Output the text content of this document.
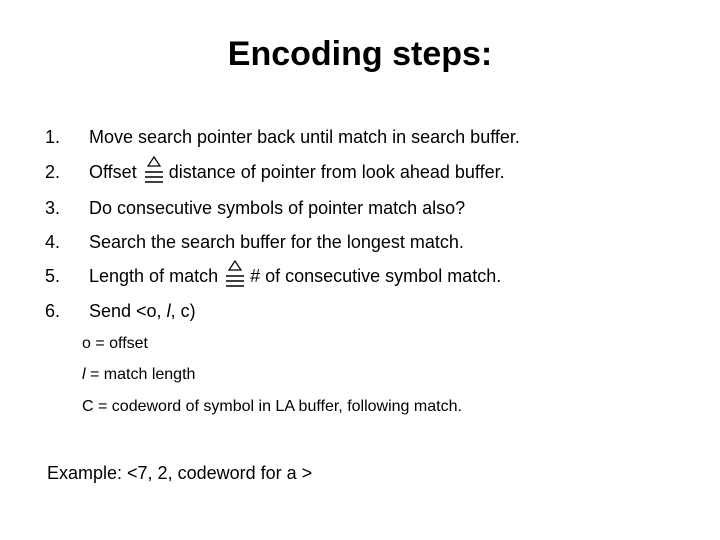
Encoding steps:
1. Move search pointer back until match in search buffer.
2. Offset distance of pointer from look ahead buffer.
3. Do consecutive symbols of pointer match also?
4. Search the search buffer for the longest match.
5. Length of match # of consecutive symbol match.
6. Send <o, l, c)
o = offset
l = match length
C = codeword of symbol in LA buffer, following match.
Example: <7, 2, codeword for a >
